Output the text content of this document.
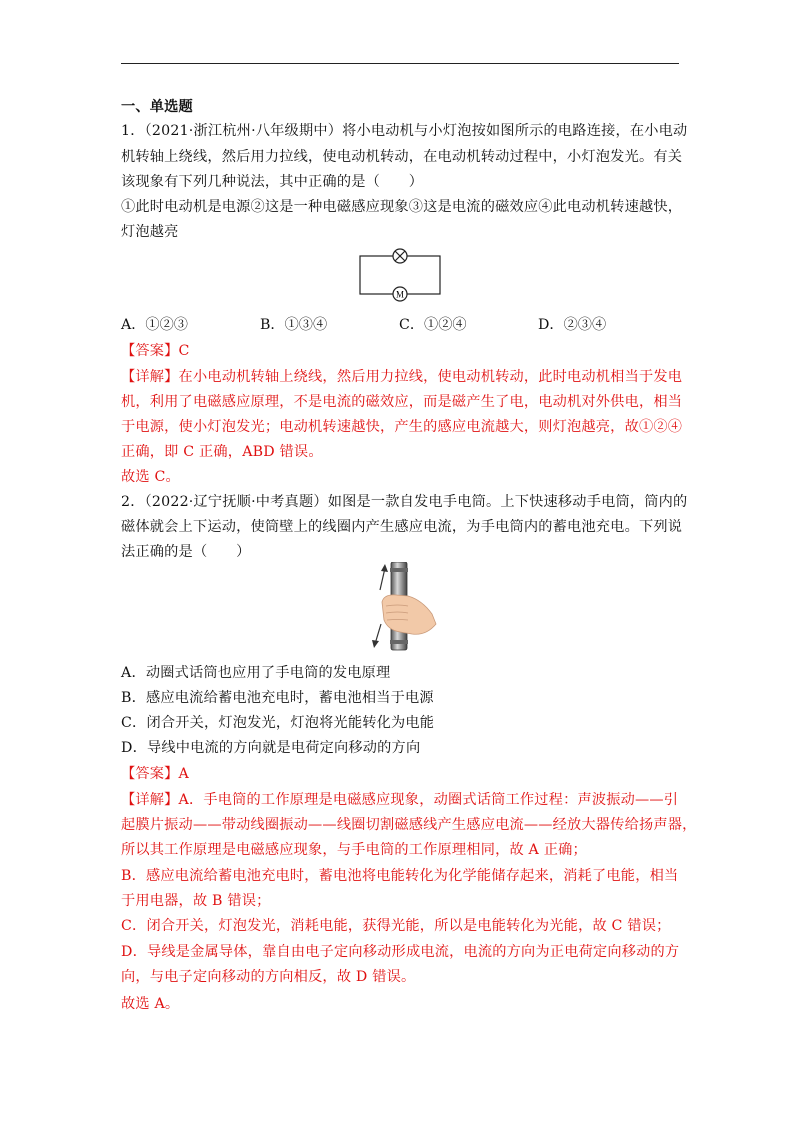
一、单选题
1．（2021·浙江杭州·八年级期中）将小电动机与小灯泡按如图所示的电路连接，在小电动
机转轴上绕线，然后用力拉线，使电动机转动，在电动机转动过程中，小灯泡发光。有关
该现象有下列几种说法，其中正确的是（　　）
①此时电动机是电源②这是一种电磁感应现象③这是电流的磁效应④此电动机转速越快，
灯泡越亮
M
A．①②③	B．①③④	C．①②④	D．②③④
【答案】C
【详解】在小电动机转轴上绕线，然后用力拉线，使电动机转动，此时电动机相当于发电
机，利用了电磁感应原理，不是电流的磁效应，而是磁产生了电，电动机对外供电，相当
于电源，使小灯泡发光；电动机转速越快，产生的感应电流越大，则灯泡越亮，故①②④
正确，即 C 正确，ABD 错误。
故选 C。
2．（2022·辽宁抚顺·中考真题）如图是一款自发电手电筒。上下快速移动手电筒，筒内的
磁体就会上下运动，使筒壁上的线圈内产生感应电流，为手电筒内的蓄电池充电。下列说
法正确的是（　　）
A．动圈式话筒也应用了手电筒的发电原理
B．感应电流给蓄电池充电时，蓄电池相当于电源
C．闭合开关，灯泡发光，灯泡将光能转化为电能
D．导线中电流的方向就是电荷定向移动的方向
【答案】A
【详解】A．手电筒的工作原理是电磁感应现象，动圈式话筒工作过程：声波振动——引
起膜片振动——带动线圈振动——线圈切割磁感线产生感应电流——经放大器传给扬声器，
所以其工作原理是电磁感应现象，与手电筒的工作原理相同，故 A 正确；
B．感应电流给蓄电池充电时，蓄电池将电能转化为化学能储存起来，消耗了电能，相当
于用电器，故 B 错误；
C．闭合开关，灯泡发光，消耗电能，获得光能，所以是电能转化为光能，故 C 错误；
D．导线是金属导体，靠自由电子定向移动形成电流，电流的方向为正电荷定向移动的方
向，与电子定向移动的方向相反，故 D 错误。
故选 A。
